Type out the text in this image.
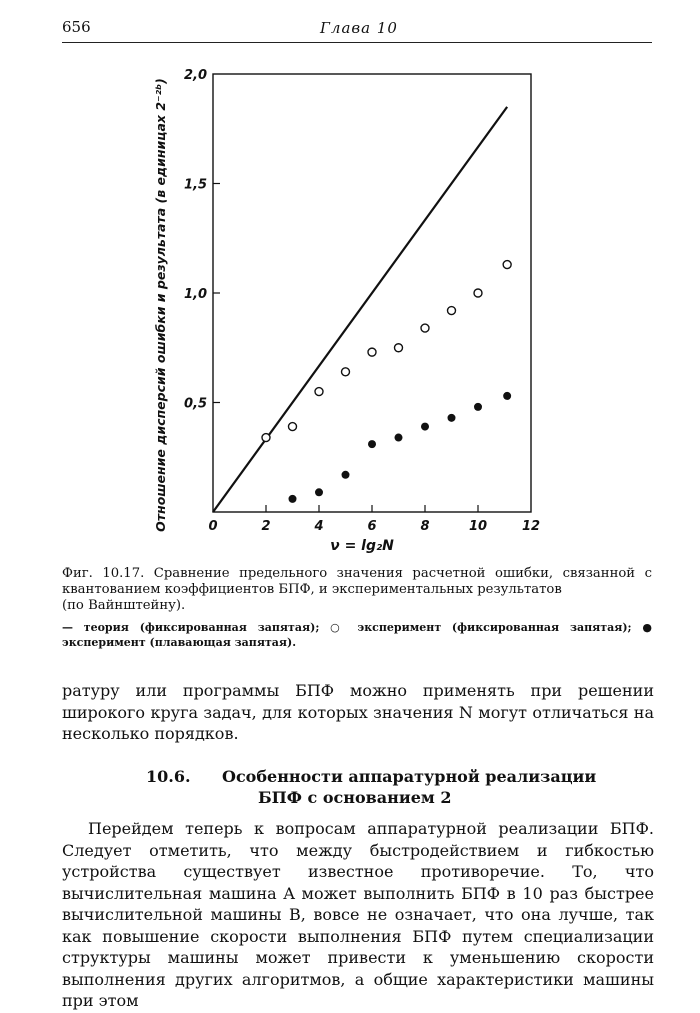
656	Глава 10
0	2	4	6	8	10	12
0,5
1,0
1,5
2,0
Отношение дисперсий ошибки и результата (в единицах 2⁻²ᵇ)
ν = lg₂N
Фиг. 10.17. Сравнение предельного значения расчетной ошибки, связанной с квантованием коэффициентов БПФ, и экспериментальных результатов
(по Вайнштейну).
— теория (фиксированная запятая); ○ эксперимент (фиксированная запятая); ● эксперимент (плавающая запятая).
ратуру или программы БПФ можно применять при решении широкого круга задач, для которых значения N могут отличаться на несколько порядков.
10.6. Особенности аппаратурной реализации
БПФ с основанием 2
Перейдем теперь к вопросам аппаратурной реализации БПФ. Следует отметить, что между быстродействием и гибкостью устройства существует известное противоречие. То, что вычислительная машина A может выполнить БПФ в 10 раз быстрее вычислительной машины B, вовсе не означает, что она лучше, так как повышение скорости выполнения БПФ путем специализации структуры машины может привести к уменьшению скорости выполнения других алгоритмов, а общие характеристики машины при этом
